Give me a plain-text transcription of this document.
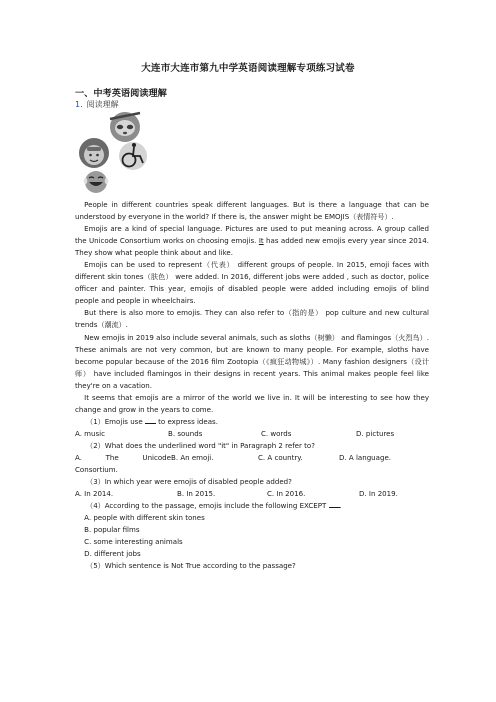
大连市大连市第九中学英语阅读理解专项练习试卷
一、中考英语阅读理解
1. 阅读理解

People in different countries speak different languages. But is there a language that can be understood by everyone in the world? If there is, the answer might be EMOJIS（表情符号）.

Emojis are a kind of special language. Pictures are used to put meaning across. A group called the Unicode Consortium works on choosing emojis. It has added new emojis every year since 2014. They show what people think about and like.

Emojis can be used to represent（代表） different groups of people. In 2015, emoji faces with different skin tones（肤色） were added. In 2016, different jobs were added , such as doctor, police officer and painter. This year, emojis of disabled people were added including emojis of blind people and people in wheelchairs.

But there is also more to emojis. They can also refer to（指的是） pop culture and new cultural trends（潮流）.

New emojis in 2019 also include several animals, such as sloths（树懒） and flamingos（火烈鸟）. These animals are not very common, but are known to many people. For example, sloths have become popular because of the 2016 film Zootopia（《疯狂动物城》）. Many fashion designers（设计师） have included flamingos in their designs in recent years. This animal makes people feel like they're on a vacation.

It seems that emojis are a mirror of the world we live in. It will be interesting to see how they change and grow in the years to come.

（1）Emojis use  to express ideas.

A. music	B. sounds	C. words	D. pictures

（2）What does the underlined word "it" in Paragraph 2 refer to?

A. The Unicode Consortium.
B. An emoji.	C. A country.	D. A language.

（3）In which year were emojis of disabled people added?

A. In 2014.	B. In 2015.	C. In 2016.	D. In 2019.

（4）According to the passage, emojis include the following EXCEPT .

A. people with different skin tones

B. popular films

C. some interesting animals

D. different jobs

（5）Which sentence is Not True according to the passage?
